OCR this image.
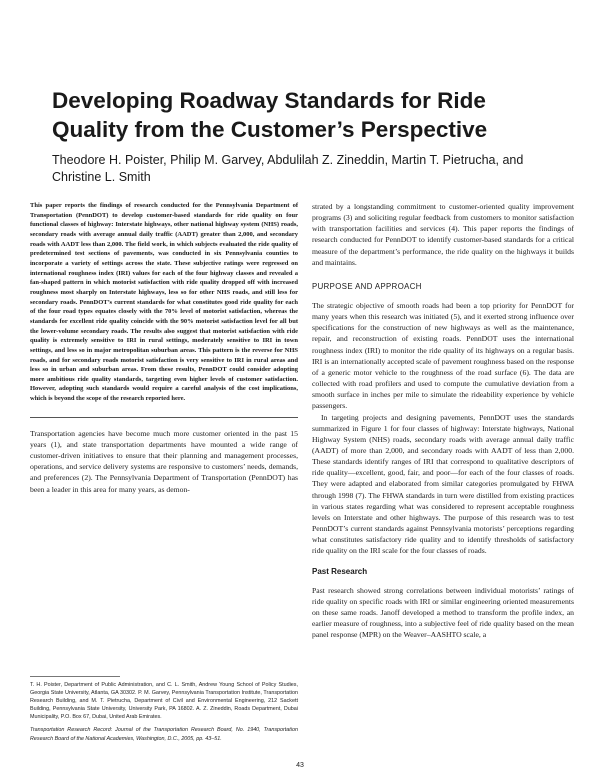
Developing Roadway Standards for Ride Quality from the Customer’s Perspective

Theodore H. Poister, Philip M. Garvey, Abdulilah Z. Zineddin, Martin T. Pietrucha, and Christine L. Smith

This paper reports the findings of research conducted for the Pennsylvania Department of Transportation (PennDOT) to develop customer-based standards for ride quality on four functional classes of highway: Interstate highways, other national highway system (NHS) roads, secondary roads with average annual daily traffic (AADT) greater than 2,000, and secondary roads with AADT less than 2,000. The field work, in which subjects evaluated the ride quality of predetermined test sections of pavements, was conducted in six Pennsylvania counties to incorporate a variety of settings across the state. These subjective ratings were regressed on international roughness index (IRI) values for each of the four highway classes and revealed a fan-shaped pattern in which motorist satisfaction with ride quality dropped off with increased roughness most sharply on Interstate highways, less so for other NHS roads, and still less for secondary roads. PennDOT’s current standards for what constitutes good ride quality for each of the four road types equates closely with the 70% level of motorist satisfaction, whereas the standards for excellent ride quality coincide with the 90% motorist satisfaction level for all but the lower-volume secondary roads. The results also suggest that motorist satisfaction with ride quality is extremely sensitive to IRI in rural settings, moderately sensitive to IRI in town settings, and less so in major metropolitan suburban areas. This pattern is the reverse for NHS roads, and for secondary roads motorist satisfaction is very sensitive to IRI in rural areas and less so in urban and suburban areas. From these results, PennDOT could consider adopting more ambitious ride quality standards, targeting even higher levels of customer satisfaction. However, adopting such standards would require a careful analysis of the cost implications, which is beyond the scope of the research reported here.

Transportation agencies have become much more customer oriented in the past 15 years (1), and state transportation departments have mounted a wide range of customer-driven initiatives to ensure that their planning and management processes, operations, and service delivery systems are responsive to customers’ needs, demands, and preferences (2). The Pennsylvania Department of Transportation (PennDOT) has been a leader in this area for many years, as demon-

T. H. Poister, Department of Public Administration, and C. L. Smith, Andrew Young School of Policy Studies, Georgia State University, Atlanta, GA 30302. P. M. Garvey, Pennsylvania Transportation Institute, Transportation Research Building, and M. T. Pietrucha, Department of Civil and Environmental Engineering, 212 Sackett Building, Pennsylvania State University, University Park, PA 16802. A. Z. Zineddin, Roads Department, Dubai Municipality, P.O. Box 67, Dubai, United Arab Emirates.

Transportation Research Record: Journal of the Transportation Research Board, No. 1940, Transportation Research Board of the National Academies, Washington, D.C., 2005, pp. 43–51.

strated by a longstanding commitment to customer-oriented quality improvement programs (3) and soliciting regular feedback from customers to monitor satisfaction with transportation facilities and services (4). This paper reports the findings of research conducted for PennDOT to identify customer-based standards for a critical measure of the department’s performance, the ride quality on the highways it builds and maintains.

PURPOSE AND APPROACH

The strategic objective of smooth roads had been a top priority for PennDOT for many years when this research was initiated (5), and it exerted strong influence over specifications for the construction of new highways as well as the maintenance, repair, and reconstruction of existing roads. PennDOT uses the international roughness index (IRI) to monitor the ride quality of its highways on a regular basis. IRI is an internationally accepted scale of pavement roughness based on the response of a generic motor vehicle to the roughness of the road surface (6). The data are collected with road profilers and used to compute the cumulative deviation from a smooth surface in inches per mile to simulate the rideability experience by vehicle passengers.

In targeting projects and designing pavements, PennDOT uses the standards summarized in Figure 1 for four classes of highway: Interstate highways, National Highway System (NHS) roads, secondary roads with average annual daily traffic (AADT) of more than 2,000, and secondary roads with AADT of less than 2,000. These standards identify ranges of IRI that correspond to qualitative descriptors of ride quality—excellent, good, fair, and poor—for each of the four classes of roads. They were adapted and elaborated from similar categories promulgated by FHWA through 1998 (7). The FHWA standards in turn were distilled from existing practices in various states regarding what was considered to represent acceptable roughness levels on Interstate and other highways. The purpose of this research was to test PennDOT’s current standards against Pennsylvania motorists’ perceptions regarding what constitutes satisfactory ride quality and to identify thresholds of satisfactory ride quality on the IRI scale for the four classes of roads.

Past Research

Past research showed strong correlations between individual motorists’ ratings of ride quality on specific roads with IRI or similar engineering oriented measurements on these same roads. Janoff developed a method to transform the profile index, an earlier measure of roughness, into a subjective feel of ride quality based on the mean panel response (MPR) on the Weaver–AASHTO scale, a

43
